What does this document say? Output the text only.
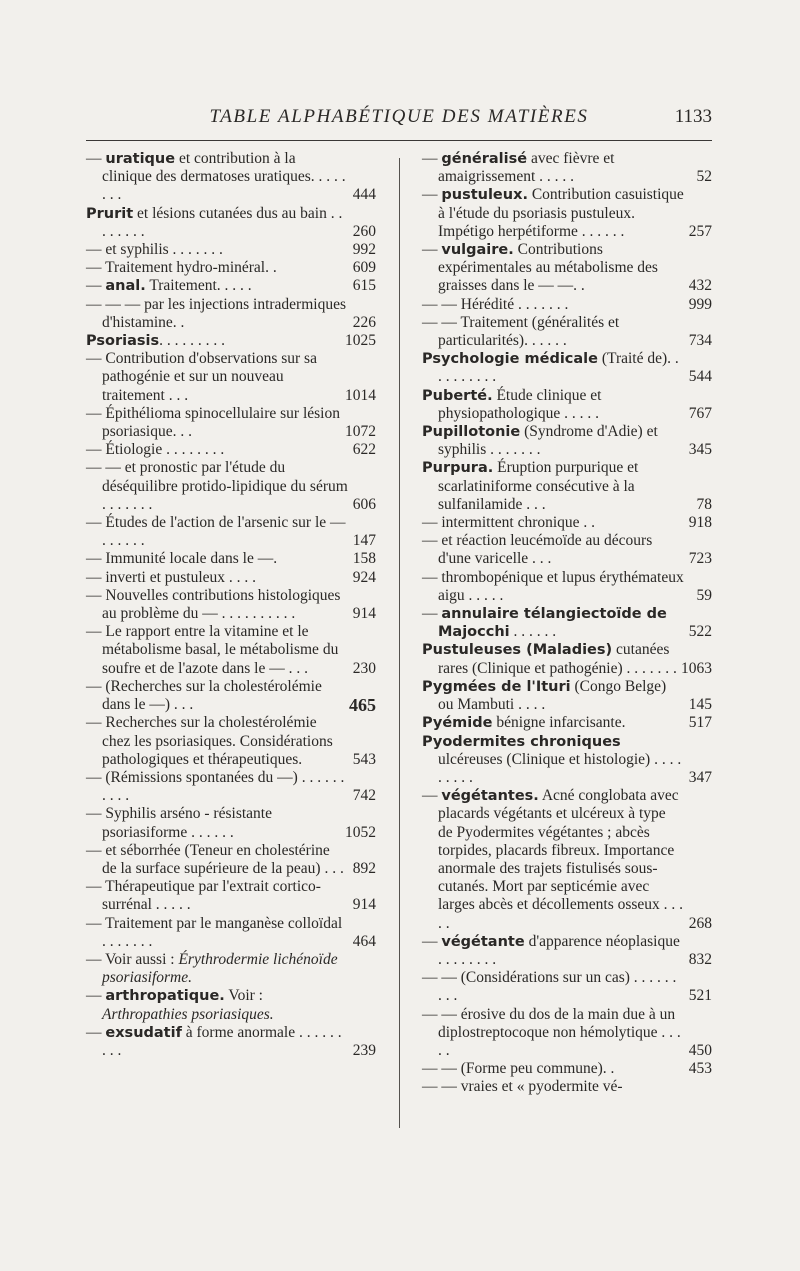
TABLE ALPHABÉTIQUE DES MATIÈRES	1133

— uratique et contribution à la clinique des dermatoses uratiques. . . . . . . .	444

Prurit et lésions cutanées dus au bain . . . . . . . .	260

— et syphilis . . . . . . .	992

— Traitement hydro-minéral. .	609

— anal. Traitement. . . . .	615

— — — par les injections intradermiques d'histamine. .	226

Psoriasis. . . . . . . . .	1025

— Contribution d'observations sur sa pathogénie et sur un nouveau traitement . . .	1014

— Épithélioma spinocellulaire sur lésion psoriasique. . .	1072

— Étiologie . . . . . . . .	622

— — et pronostic par l'étude du déséquilibre protido-lipidique du sérum . . . . . . .	606

— Études de l'action de l'arsenic sur le — . . . . . .	147

— Immunité locale dans le —.	158

— inverti et pustuleux . . . .	924

— Nouvelles contributions histologiques au problème du — . . . . . . . . . .	914

— Le rapport entre la vitamine et le métabolisme basal, le métabolisme du soufre et de l'azote dans le — . . .	230

— (Recherches sur la cholestérolémie dans le —) . . .	465

— Recherches sur la cholestérolémie chez les psoriasiques. Considérations pathologiques et thérapeutiques.	543

— (Rémissions spontanées du —) . . . . . . . . . .	742

— Syphilis arséno - résistante psoriasiforme . . . . . .	1052

— et séborrhée (Teneur en cholestérine de la surface supérieure de la peau) . . . 892

— Thérapeutique par l'extrait cortico-surrénal . . . . .	914

— Traitement par le manganèse colloïdal . . . . . . .	464

— Voir aussi : Érythrodermie lichénoïde psoriasiforme.

— arthropatique. Voir : Arthropathies psoriasiques.

— exsudatif à forme anormale . . . . . . . . .	239

— généralisé avec fièvre et amaigrissement . . . . .	52

— pustuleux. Contribution casuistique à l'étude du psoriasis pustuleux. Impétigo herpétiforme . . . . . .	257

— vulgaire. Contributions expérimentales au métabolisme des graisses dans le — —. .	432

— — Hérédité . . . . . . .	999

— — Traitement (généralités et particularités). . . . . .	734

Psychologie médicale (Traité de). . . . . . . . . .	544

Puberté. Étude clinique et physiopathologique . . . . .	767

Pupillotonie (Syndrome d'Adie) et syphilis . . . . . . .	345

Purpura. Éruption purpurique et scarlatiniforme consécutive à la sulfanilamide . . .	78

— intermittent chronique . .	918

— et réaction leucémoïde au décours d'une varicelle . . .	723

— thrombopénique et lupus érythémateux aigu . . . . .	59

— annulaire télangiectoïde de Majocchi . . . . . .	522

Pustuleuses (Maladies) cutanées rares (Clinique et pathogénie) . . . . . . . 1063

Pygmées de l'Ituri (Congo Belge) ou Mambuti . . . .	145

Pyémide bénigne infarcisante.	517

Pyodermites chroniques ulcéreuses (Clinique et histologie) . . . . . . . . .	347

— végétantes. Acné conglobata avec placards végétants et ulcéreux à type de Pyodermites végétantes ; abcès torpides, placards fibreux. Importance anormale des trajets fistulisés sous-cutanés. Mort par septicémie avec larges abcès et décollements osseux . . . . .	268

— végétante d'apparence néoplasique . . . . . . . .	832

— — (Considérations sur un cas) . . . . . . . . .	521

— — érosive du dos de la main due à un diplostreptocoque non hémolytique . . . . .	450

— — (Forme peu commune). .	453

— — vraies et « pyodermite vé-
